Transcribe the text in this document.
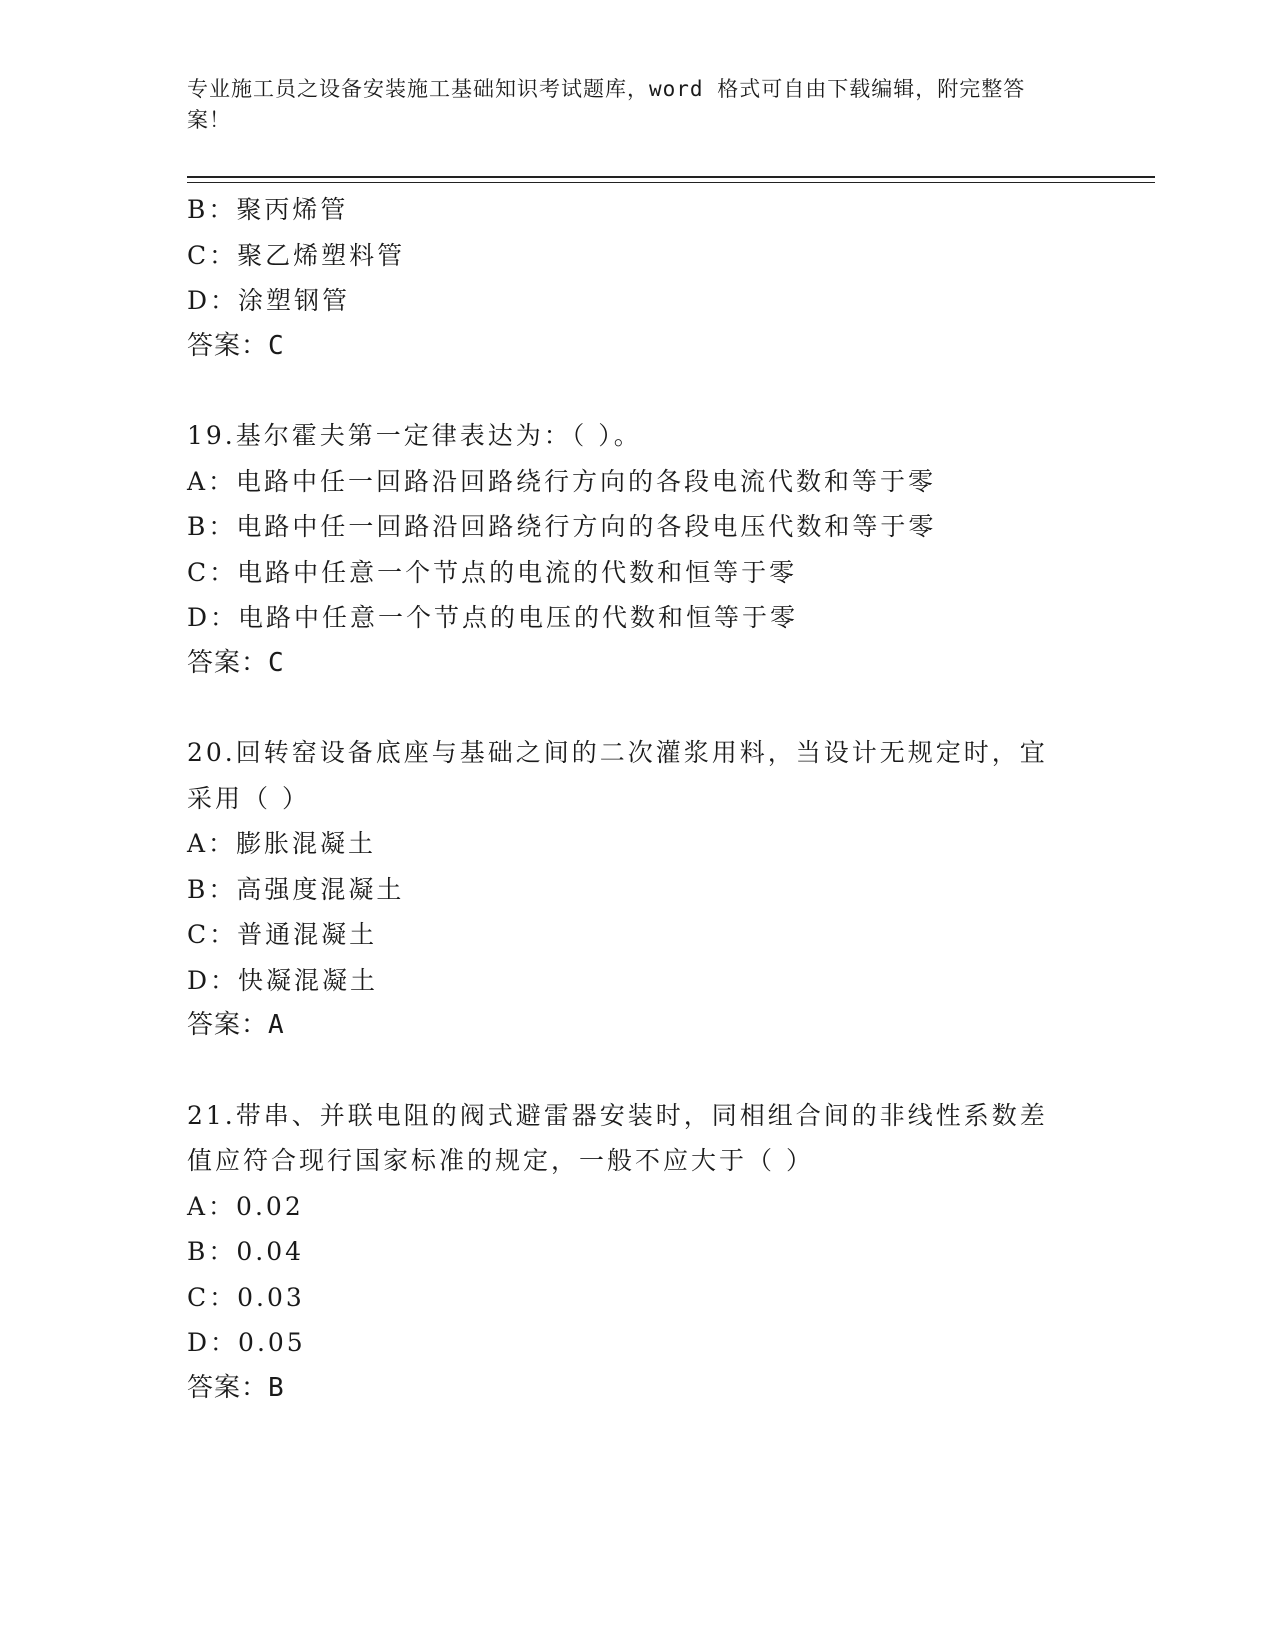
专业施工员之设备安装施工基础知识考试题库，word 格式可自由下载编辑，附完整答案！
B：聚丙烯管
C：聚乙烯塑料管
D：涂塑钢管
答案：C
19.基尔霍夫第一定律表达为：（ ）。
A：电路中任一回路沿回路绕行方向的各段电流代数和等于零
B：电路中任一回路沿回路绕行方向的各段电压代数和等于零
C：电路中任意一个节点的电流的代数和恒等于零
D：电路中任意一个节点的电压的代数和恒等于零
答案：C
20.回转窑设备底座与基础之间的二次灌浆用料，当设计无规定时，宜采用（ ）
A：膨胀混凝土
B：高强度混凝土
C：普通混凝土
D：快凝混凝土
答案：A
21.带串、并联电阻的阀式避雷器安装时，同相组合间的非线性系数差值应符合现行国家标准的规定，一般不应大于（ ）
A：0.02
B：0.04
C：0.03
D：0.05
答案：B
